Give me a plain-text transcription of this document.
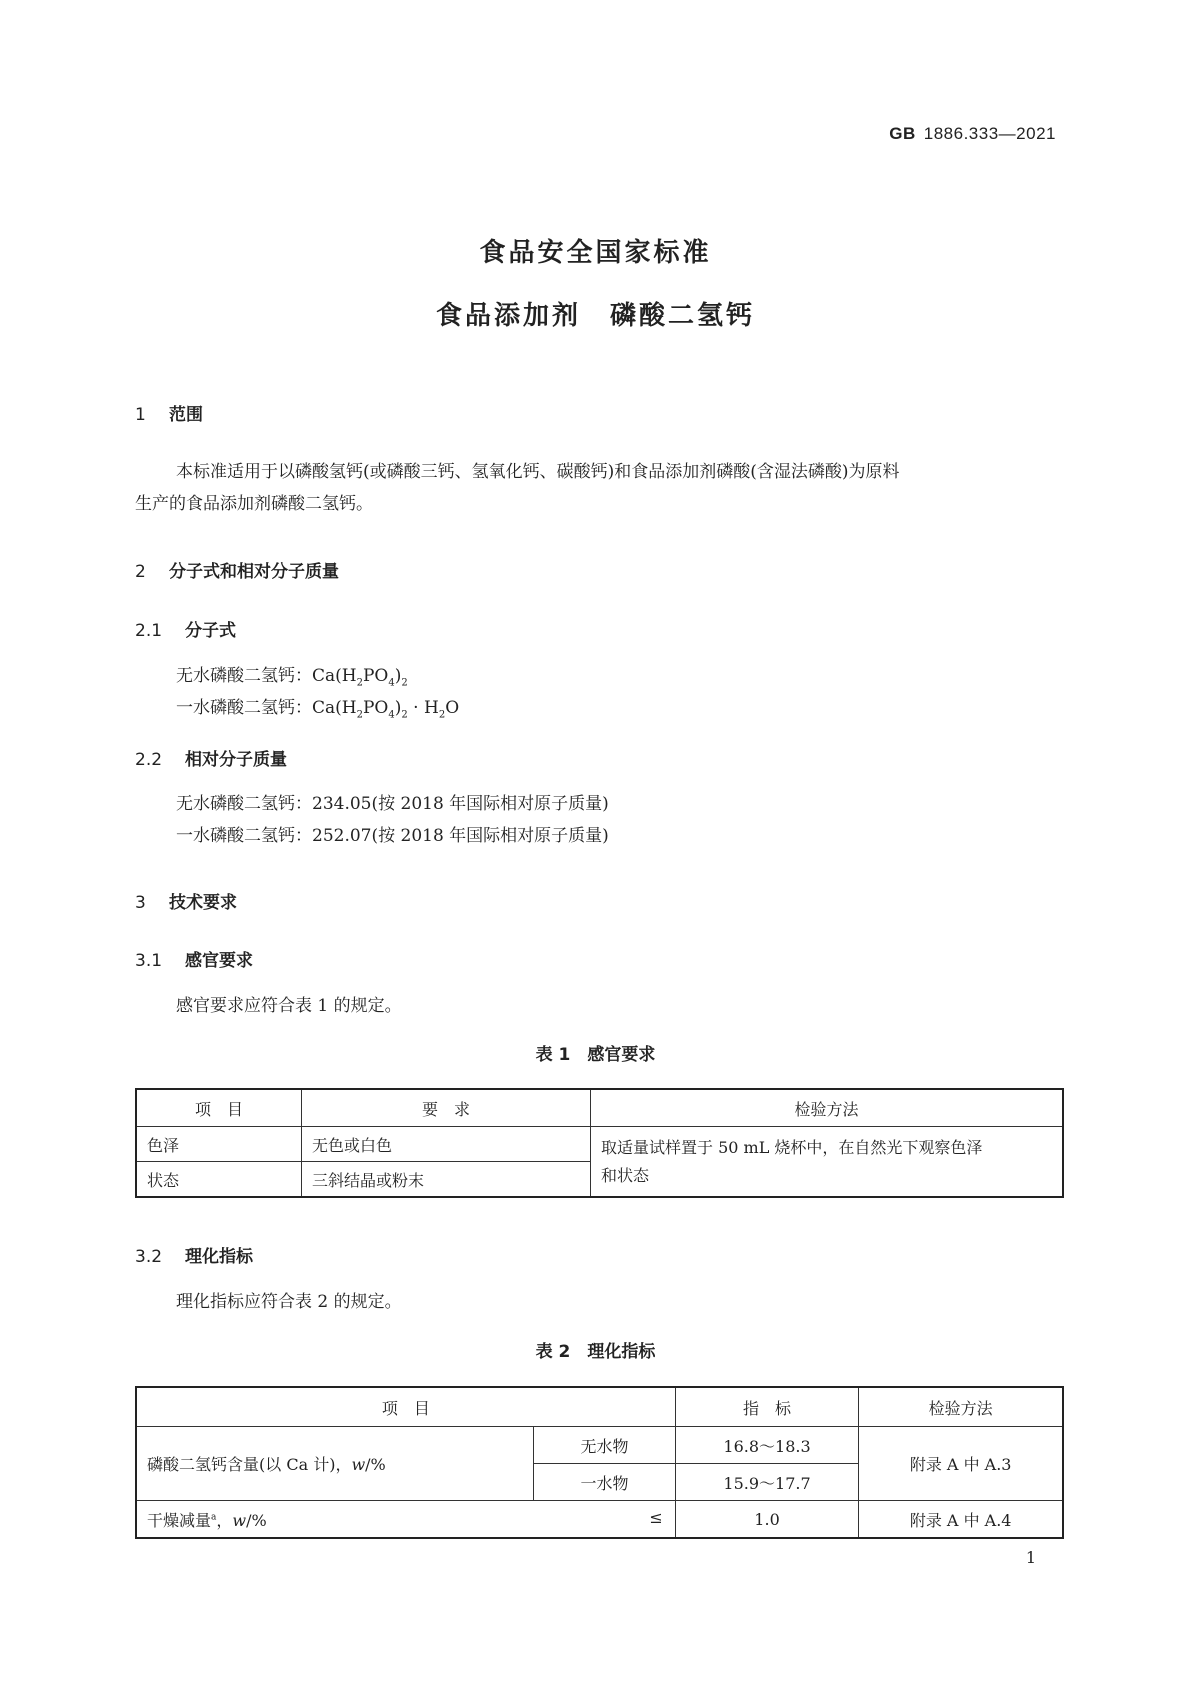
GB 1886.333—2021
食品安全国家标准
食品添加剂　磷酸二氢钙
1 范围
本标准适用于以磷酸氢钙(或磷酸三钙、氢氧化钙、碳酸钙)和食品添加剂磷酸(含湿法磷酸)为原料
生产的食品添加剂磷酸二氢钙。
2 分子式和相对分子质量
2.1 分子式
无水磷酸二氢钙：$Ca(H_2PO_4)_2$
一水磷酸二氢钙：$Ca(H_2PO_4)_2 \cdot H_2O$
2.2 相对分子质量
无水磷酸二氢钙：234.05(按 2018 年国际相对原子质量)
一水磷酸二氢钙：252.07(按 2018 年国际相对原子质量)
3 技术要求
3.1 感官要求
感官要求应符合表 1 的规定。
表 1　感官要求
项　目	要　求	检验方法
色泽	无色或白色	取适量试样置于 50 mL 烧杯中，在自然光下观察色泽
和状态

状态	三斜结晶或粉末	
3.2 理化指标
理化指标应符合表 2 的规定。
表 2　理化指标
项　目		指　标	检验方法
磷酸二氢钙含量(以 Ca 计)，w/%	无水物	16.8～18.3	附录 A 中 A.3
	一水物	15.9～17.7	
干燥减量$^a$，w/% ≤		1.0	附录 A 中 A.4
1
